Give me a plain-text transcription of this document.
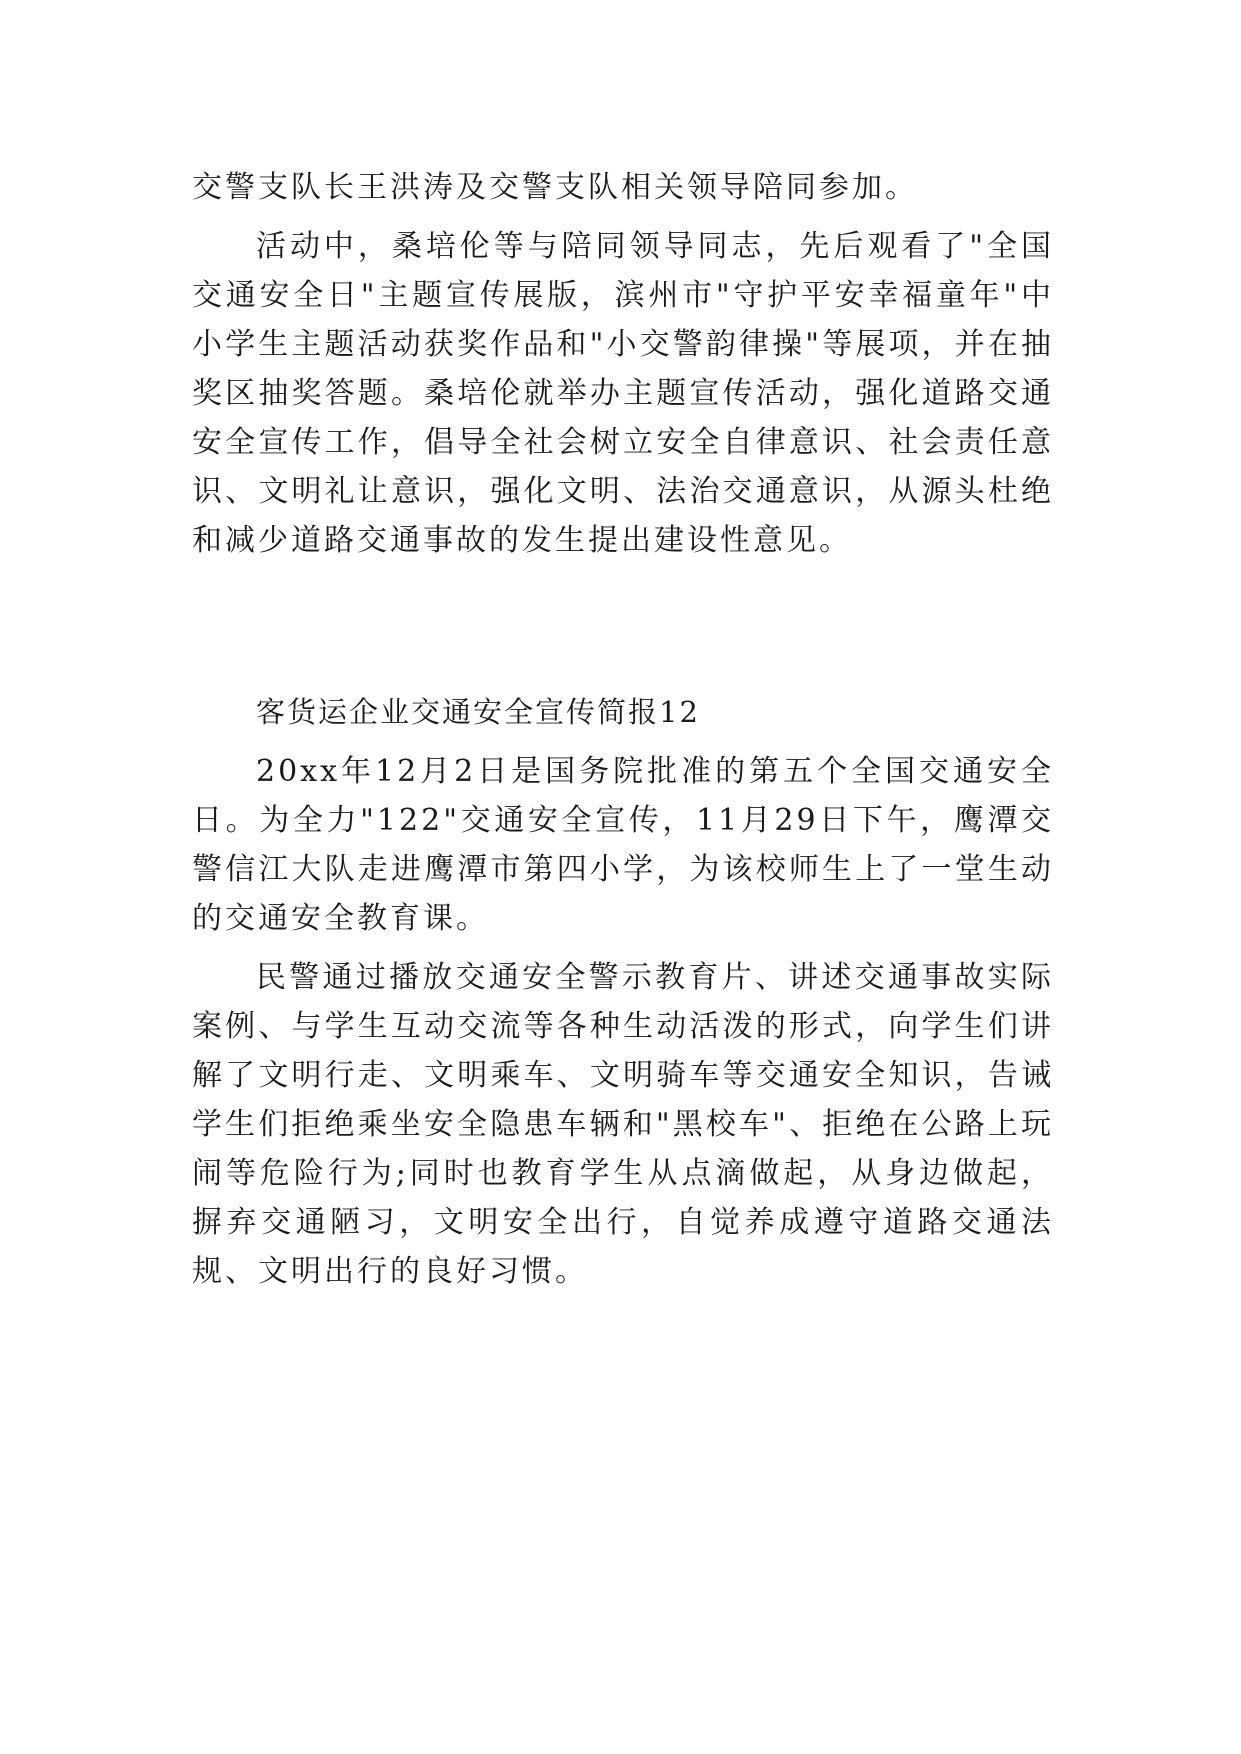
交警支队长王洪涛及交警支队相关领导陪同参加。

活动中，桑培伦等与陪同领导同志，先后观看了"全国交通安全日"主题宣传展版，滨州市"守护平安幸福童年"中小学生主题活动获奖作品和"小交警韵律操"等展项，并在抽奖区抽奖答题。桑培伦就举办主题宣传活动，强化道路交通安全宣传工作，倡导全社会树立安全自律意识、社会责任意识、文明礼让意识，强化文明、法治交通意识，从源头杜绝和减少道路交通事故的发生提出建设性意见。

客货运企业交通安全宣传简报12

20xx年12月2日是国务院批准的第五个全国交通安全日。为全力"122"交通安全宣传，11月29日下午，鹰潭交警信江大队走进鹰潭市第四小学，为该校师生上了一堂生动的交通安全教育课。

民警通过播放交通安全警示教育片、讲述交通事故实际案例、与学生互动交流等各种生动活泼的形式，向学生们讲解了文明行走、文明乘车、文明骑车等交通安全知识，告诫学生们拒绝乘坐安全隐患车辆和"黑校车"、拒绝在公路上玩闹等危险行为;同时也教育学生从点滴做起，从身边做起，摒弃交通陋习，文明安全出行，自觉养成遵守道路交通法规、文明出行的良好习惯。
